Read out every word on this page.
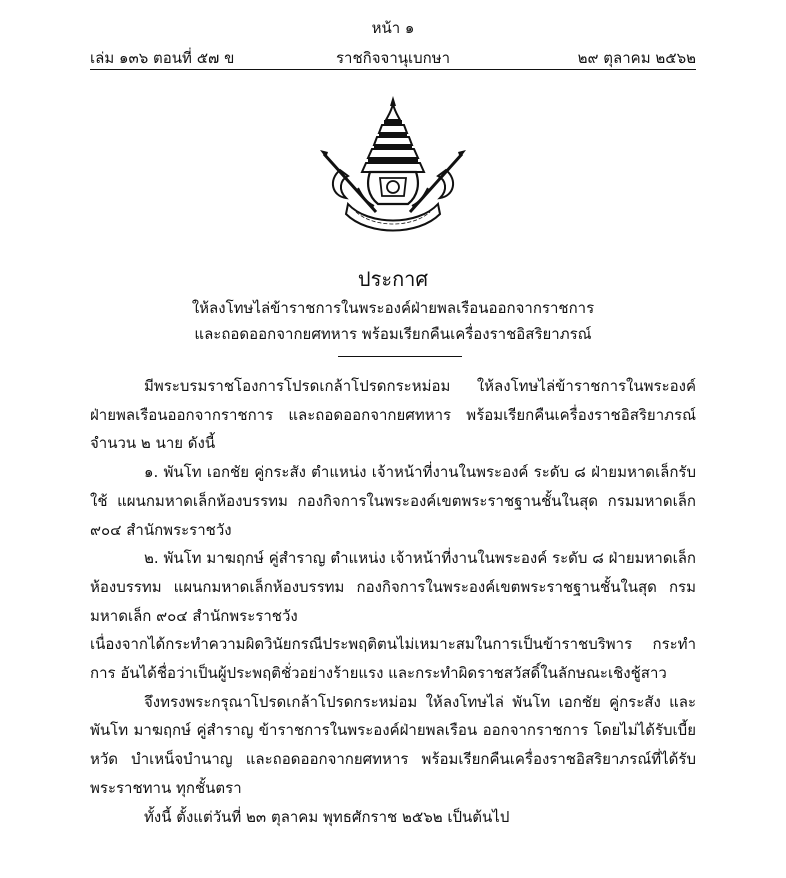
หน้า ๑
เล่ม ๑๓๖ ตอนที่ ๕๗ ข	ราชกิจจานุเบกษา	๒๙ ตุลาคม ๒๕๖๒
ประกาศ
ให้ลงโทษไล่ข้าราชการในพระองค์ฝ่ายพลเรือนออกจากราชการ
และถอดออกจากยศทหาร พร้อมเรียกคืนเครื่องราชอิสริยาภรณ์

มีพระบรมราชโองการโปรดเกล้าโปรดกระหม่อม ให้ลงโทษไล่ข้าราชการในพระองค์ฝ่ายพลเรือนออกจากราชการ และถอดออกจากยศทหาร พร้อมเรียกคืนเครื่องราชอิสริยาภรณ์ จำนวน ๒ นาย ดังนี้

๑. พันโท เอกชัย คู่กระสัง ตำแหน่ง เจ้าหน้าที่งานในพระองค์ ระดับ ๘ ฝ่ายมหาดเล็กรับใช้ แผนกมหาดเล็กห้องบรรทม กองกิจการในพระองค์เขตพระราชฐานชั้นในสุด กรมมหาดเล็ก ๙๐๔ สำนักพระราชวัง

๒. พันโท มาฆฤกษ์ คู่สำราญ ตำแหน่ง เจ้าหน้าที่งานในพระองค์ ระดับ ๘ ฝ่ายมหาดเล็ก ห้องบรรทม แผนกมหาดเล็กห้องบรรทม กองกิจการในพระองค์เขตพระราชฐานชั้นในสุด กรมมหาดเล็ก ๙๐๔ สำนักพระราชวัง

เนื่องจากได้กระทำความผิดวินัยกรณีประพฤติตนไม่เหมาะสมในการเป็นข้าราชบริพาร กระทำการ อันได้ชื่อว่าเป็นผู้ประพฤติชั่วอย่างร้ายแรง และกระทำผิดราชสวัสดิ์ในลักษณะเชิงชู้สาว

จึงทรงพระกรุณาโปรดเกล้าโปรดกระหม่อม ให้ลงโทษไล่ พันโท เอกชัย คู่กระสัง และ พันโท มาฆฤกษ์ คู่สำราญ ข้าราชการในพระองค์ฝ่ายพลเรือน ออกจากราชการ โดยไม่ได้รับเบี้ยหวัด บำเหน็จบำนาญ และถอดออกจากยศทหาร พร้อมเรียกคืนเครื่องราชอิสริยาภรณ์ที่ได้รับพระราชทาน ทุกชั้นตรา

ทั้งนี้ ตั้งแต่วันที่ ๒๓ ตุลาคม พุทธศักราช ๒๕๖๒ เป็นต้นไป
